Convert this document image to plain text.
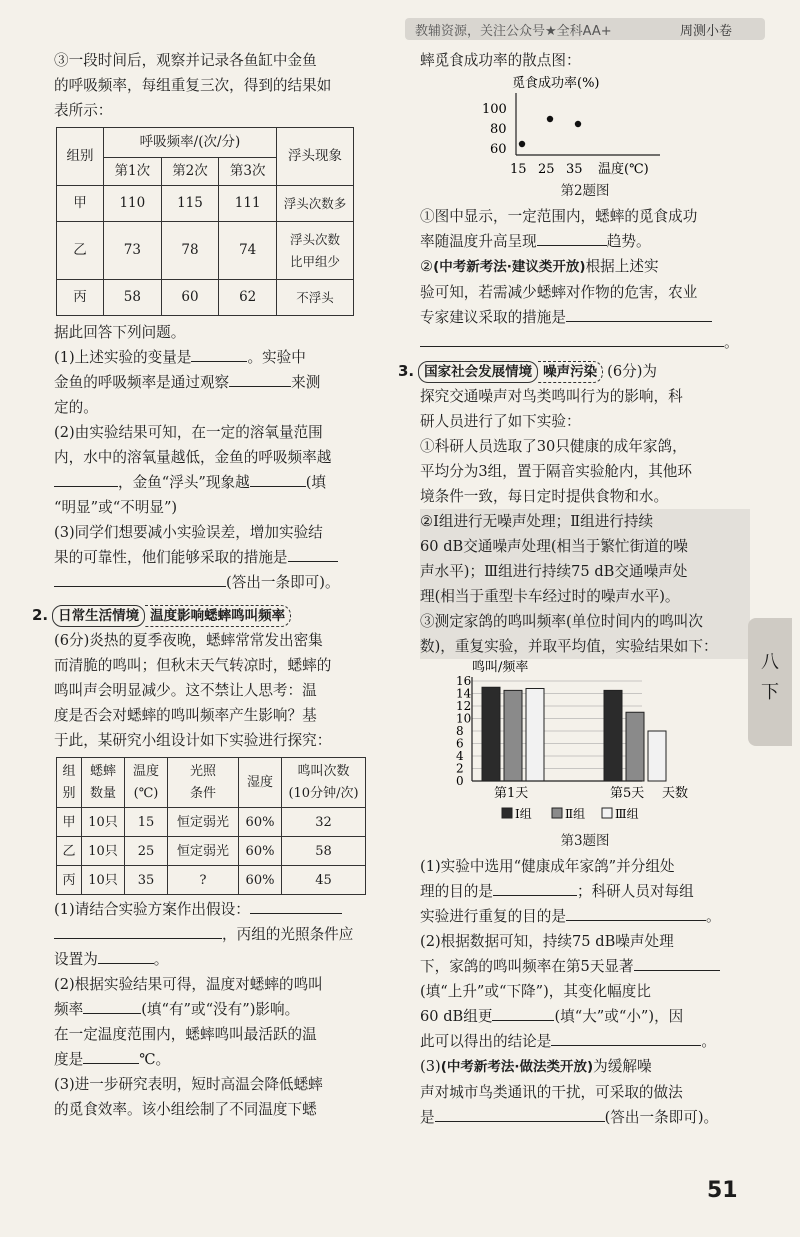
教辅资源，关注公众号★全科AA+	周测小卷

③一段时间后，观察并记录各鱼缸中金鱼

的呼吸频率，每组重复三次，得到的结果如

表所示：

组别	呼吸频率/(次/分)			浮头现象
	第1次	第2次	第3次	
甲	110	115	111	浮头次数多
乙	73	78	74	浮头次数
比甲组少
丙	58	60	62	不浮头

据此回答下列问题。

(1)上述实验的变量是	。实验中

金鱼的呼吸频率是通过观察	来测

定的。

(2)由实验结果可知，在一定的溶氧量范围

内，水中的溶氧量越低，金鱼的呼吸频率越

，金鱼“浮头”现象越	(填

“明显”或“不明显”)

(3)同学们想要减小实验误差，增加实验结

果的可靠性，他们能够采取的措施是

(答出一条即可)。

2. 日常生活情境 温度影响蟋蟀鸣叫频率

(6分)炎热的夏季夜晚，蟋蟀常常发出密集

而清脆的鸣叫；但秋末天气转凉时，蟋蟀的

鸣叫声会明显减少。这不禁让人思考：温

度是否会对蟋蟀的鸣叫频率产生影响？基

于此，某研究小组设计如下实验进行探究：

组
别	蟋蟀
数量	温度
(℃)	光照
条件	湿度	鸣叫次数
(10分钟/次)
甲	10只	15	恒定弱光	60%	32
乙	10只	25	恒定弱光	60%	58
丙	10只	35	?	60%	45

(1)请结合实验方案作出假设：

，丙组的光照条件应

设置为	。

(2)根据实验结果可得，温度对蟋蟀的鸣叫

频率	(填“有”或“没有”)影响。

在一定温度范围内，蟋蟀鸣叫最活跃的温

度是	℃。

(3)进一步研究表明，短时高温会降低蟋蟀

的觅食效率。该小组绘制了不同温度下蟋

蟀觅食成功率的散点图：

觅食成功率(%)
100
80
60
15 25 35 温度(℃)

第2题图

①图中显示，一定范围内，蟋蟀的觅食成功

率随温度升高呈现	趋势。

②(中考新考法·建议类开放)根据上述实

验可知，若需减少蟋蟀对作物的危害，农业

专家建议采取的措施是

。

3. 国家社会发展情境 噪声污染 (6分)为

探究交通噪声对鸟类鸣叫行为的影响，科

研人员进行了如下实验：

①科研人员选取了30只健康的成年家鸽，

平均分为3组，置于隔音实验舱内，其他环

境条件一致，每日定时提供食物和水。

②Ⅰ组进行无噪声处理；Ⅱ组进行持续

60 dB交通噪声处理(相当于繁忙街道的噪

声水平)；Ⅲ组进行持续75 dB交通噪声处

理(相当于重型卡车经过时的噪声水平)。

③测定家鸽的鸣叫频率(单位时间内的鸣叫次

数)，重复实验，并取平均值，实验结果如下：

鸣叫/频率
16
14
12
10
8
6
4
2
0
第1天	第5天 天数
Ⅰ组	Ⅱ组 Ⅲ组

第3题图

(1)实验中选用“健康成年家鸽”并分组处

理的目的是	；科研人员对每组

实验进行重复的目的是	。

(2)根据数据可知，持续75 dB噪声处理

下，家鸽的鸣叫频率在第5天显著

(填“上升”或“下降”)，其变化幅度比

60 dB组更	(填“大”或“小”)，因

此可以得出的结论是	。

(3)(中考新考法·做法类开放)为缓解噪

声对城市鸟类通讯的干扰，可采取的做法

是	(答出一条即可)。

八
下
51
